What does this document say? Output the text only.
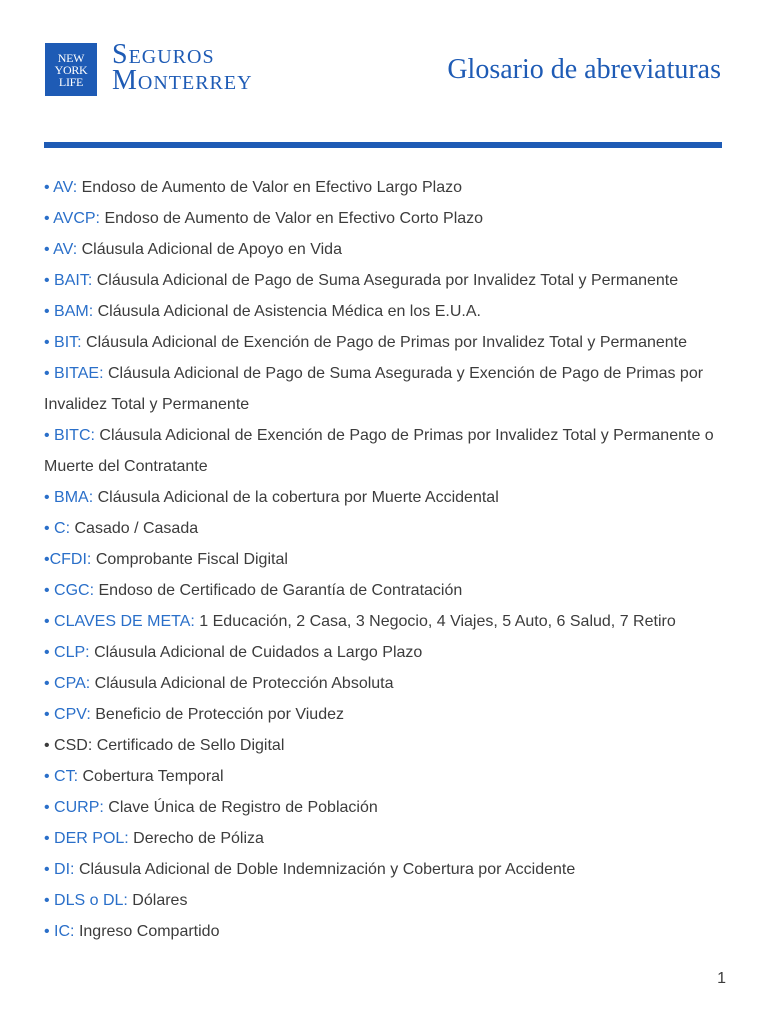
NEW
YORK
LIFE
Seguros
Monterrey	Glosario de abreviaturas
• AV: Endoso de Aumento de Valor en Efectivo Largo Plazo
• AVCP: Endoso de Aumento de Valor en Efectivo Corto Plazo
• AV: Cláusula Adicional de Apoyo en Vida
• BAIT: Cláusula Adicional de Pago de Suma Asegurada por Invalidez Total y Permanente
• BAM: Cláusula Adicional de Asistencia Médica en los E.U.A.
• BIT: Cláusula Adicional de Exención de Pago de Primas por Invalidez Total y Permanente
• BITAE: Cláusula Adicional de Pago de Suma Asegurada y Exención de Pago de Primas por Invalidez Total y Permanente
• BITC: Cláusula Adicional de Exención de Pago de Primas por Invalidez Total y Permanente o Muerte del Contratante
• BMA: Cláusula Adicional de la cobertura por Muerte Accidental
• C: Casado / Casada
•CFDI: Comprobante Fiscal Digital
• CGC: Endoso de Certificado de Garantía de Contratación
• CLAVES DE META: 1 Educación, 2 Casa, 3 Negocio, 4 Viajes, 5 Auto, 6 Salud, 7 Retiro
• CLP: Cláusula Adicional de Cuidados a Largo Plazo
• CPA: Cláusula Adicional de Protección Absoluta
• CPV: Beneficio de Protección por Viudez
• CSD: Certificado de Sello Digital
• CT: Cobertura Temporal
• CURP: Clave Única de Registro de Población
• DER POL: Derecho de Póliza
• DI: Cláusula Adicional de Doble Indemnización y Cobertura por Accidente
• DLS o DL: Dólares
• IC: Ingreso Compartido
1
